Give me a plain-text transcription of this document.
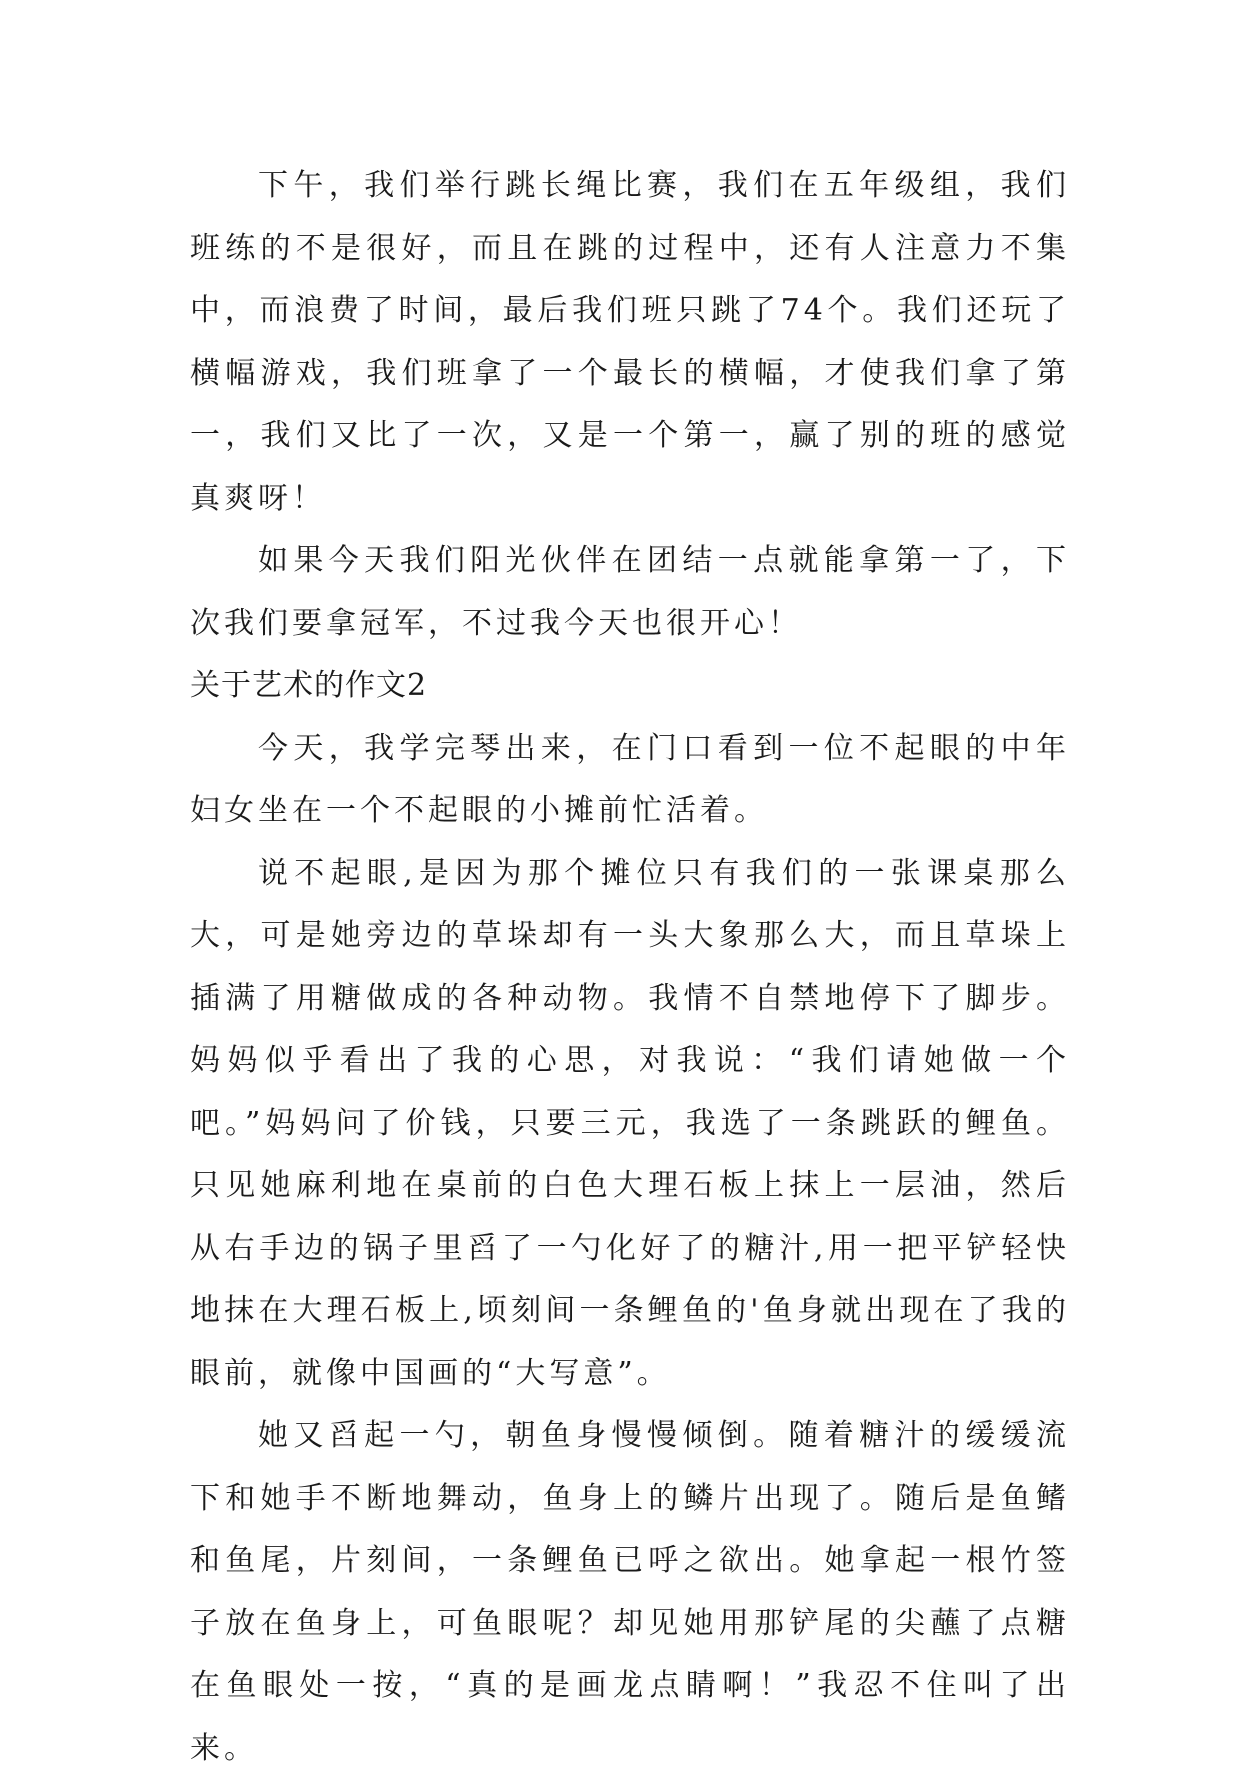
下午，我们举行跳长绳比赛，我们在五年级组，我们班练的不是很好，而且在跳的过程中，还有人注意力不集中，而浪费了时间，最后我们班只跳了74个。我们还玩了横幅游戏，我们班拿了一个最长的横幅，才使我们拿了第一，我们又比了一次，又是一个第一，赢了别的班的感觉真爽呀！

如果今天我们阳光伙伴在团结一点就能拿第一了，下次我们要拿冠军，不过我今天也很开心！

关于艺术的作文2

今天，我学完琴出来，在门口看到一位不起眼的中年妇女坐在一个不起眼的小摊前忙活着。

说不起眼,是因为那个摊位只有我们的一张课桌那么大，可是她旁边的草垛却有一头大象那么大，而且草垛上插满了用糖做成的各种动物。我情不自禁地停下了脚步。妈妈似乎看出了我的心思，对我说：“我们请她做一个吧。”妈妈问了价钱，只要三元，我选了一条跳跃的鲤鱼。只见她麻利地在桌前的白色大理石板上抹上一层油，然后从右手边的锅子里舀了一勺化好了的糖汁,用一把平铲轻快地抹在大理石板上,顷刻间一条鲤鱼的'鱼身就出现在了我的眼前，就像中国画的“大写意”。

她又舀起一勺，朝鱼身慢慢倾倒。随着糖汁的缓缓流下和她手不断地舞动，鱼身上的鳞片出现了。随后是鱼鳍和鱼尾，片刻间，一条鲤鱼已呼之欲出。她拿起一根竹签子放在鱼身上，可鱼眼呢？却见她用那铲尾的尖蘸了点糖在鱼眼处一按，“真的是画龙点睛啊！”我忍不住叫了出来。
